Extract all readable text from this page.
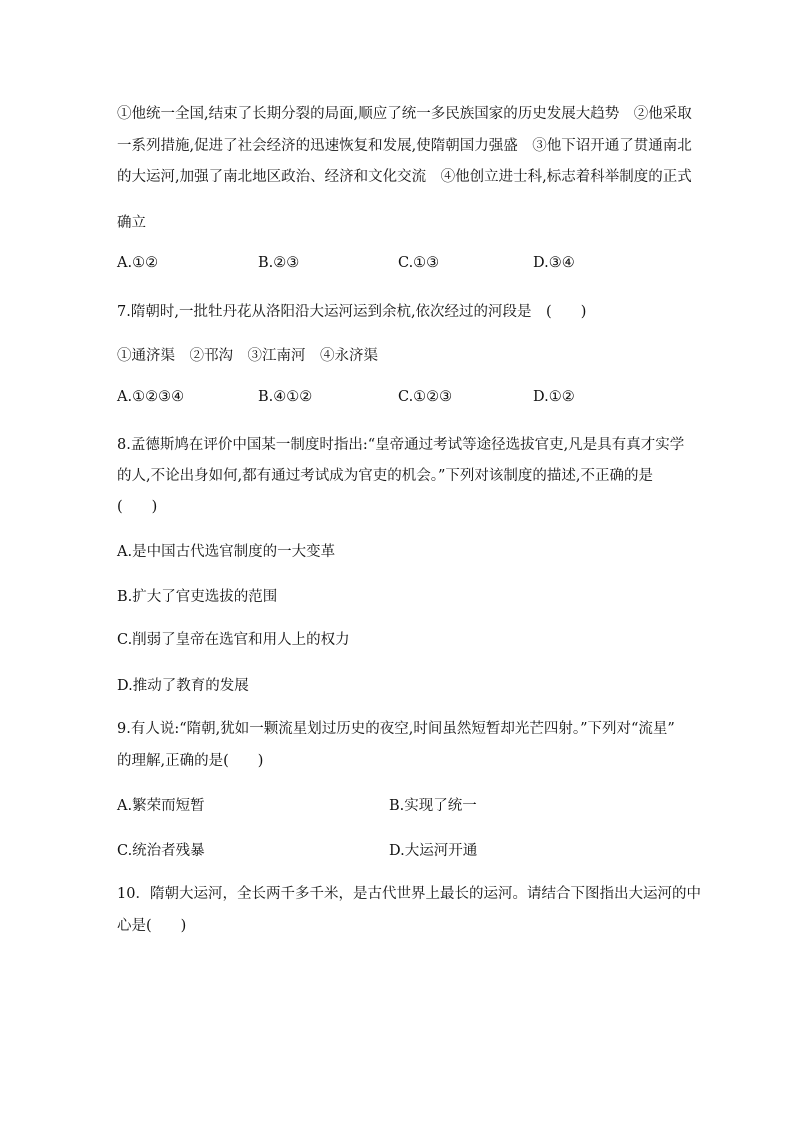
①他统一全国,结束了长期分裂的局面,顺应了统一多民族国家的历史发展大趋势　②他采取
一系列措施,促进了社会经济的迅速恢复和发展,使隋朝国力强盛　③他下诏开通了贯通南北
的大运河,加强了南北地区政治、经济和文化交流　④他创立进士科,标志着科举制度的正式
确立
A.①②	B.②③	C.①③	D.③④
7.隋朝时,一批牡丹花从洛阳沿大运河运到余杭,依次经过的河段是　(　　)
①通济渠　②邗沟　③江南河　④永济渠
A.①②③④	B.④①②	C.①②③	D.①②
8.孟德斯鸠在评价中国某一制度时指出:“皇帝通过考试等途径选拔官吏,凡是具有真才实学
的人,不论出身如何,都有通过考试成为官吏的机会。”下列对该制度的描述,不正确的是
(　　)
A.是中国古代选官制度的一大变革
B.扩大了官吏选拔的范围
C.削弱了皇帝在选官和用人上的权力
D.推动了教育的发展
9.有人说:“隋朝,犹如一颗流星划过历史的夜空,时间虽然短暂却光芒四射。”下列对“流星”
的理解,正确的是(　　)
A.繁荣而短暂	B.实现了统一
C.统治者残暴	D.大运河开通
10．隋朝大运河，全长两千多千米，是古代世界上最长的运河。请结合下图指出大运河的中
心是(　　)
